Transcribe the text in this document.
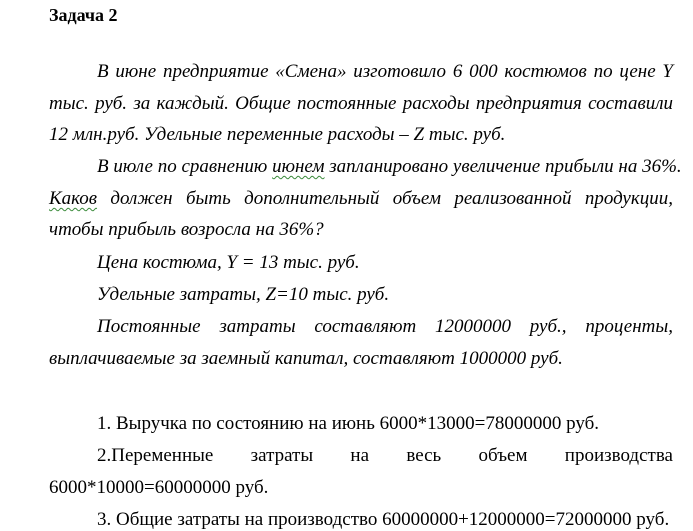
Задача 2
В июне предприятие «Смена» изготовило 6 000 костюмов по цене Y
тыс. руб. за каждый. Общие постоянные расходы предприятия составили
12 млн.руб. Удельные переменные расходы – Z тыс. руб.
В июле по сравнению июнем запланировано увеличение прибыли на 36%.
Каков должен быть дополнительный объем реализованной продукции,
чтобы прибыль возросла на 36%?
Цена костюма, Y = 13 тыс. руб.
Удельные затраты, Z=10 тыс. руб.
Постоянные затраты составляют 12000000 руб., проценты,
выплачиваемые за заемный капитал, составляют 1000000 руб.
1. Выручка по состоянию на июнь 6000*13000=78000000 руб.
2.Переменные затраты на весь объем производства
6000*10000=60000000 руб.
3. Общие затраты на производство 60000000+12000000=72000000 руб.
